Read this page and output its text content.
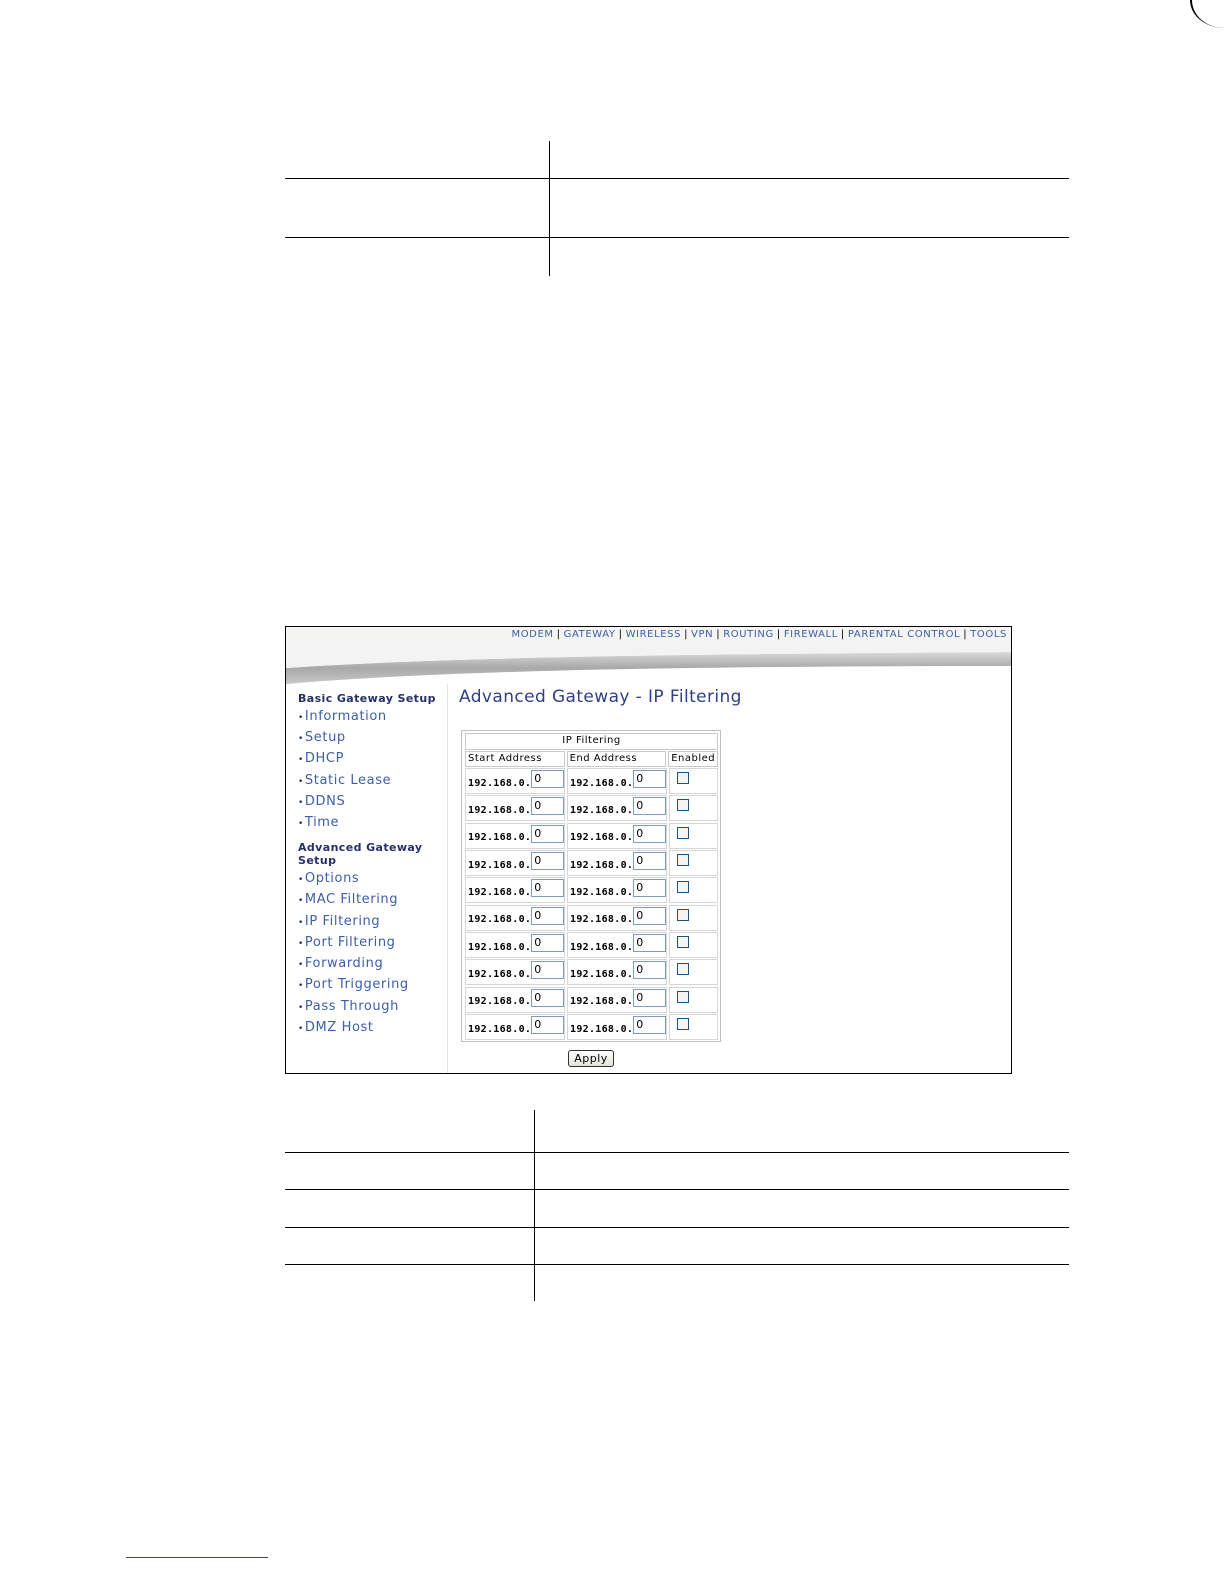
MODEM | GATEWAY | WIRELESS | VPN | ROUTING | FIREWALL | PARENTAL CONTROL | TOOLS
Basic Gateway Setup
•Information
•Setup
•DHCP
•Static Lease
•DDNS
•Time
Advanced Gateway
Setup
•Options
•MAC Filtering
•IP Filtering
•Port Filtering
•Forwarding
•Port Triggering
•Pass Through
•DMZ Host
Advanced Gateway - IP Filtering
IP Filtering
Start Address	End Address	Enabled
192.168.0. 0	192.168.0. 0
192.168.0. 0	192.168.0. 0
192.168.0. 0	192.168.0. 0
192.168.0. 0	192.168.0. 0
192.168.0. 0	192.168.0. 0
192.168.0. 0	192.168.0. 0
192.168.0. 0	192.168.0. 0
192.168.0. 0	192.168.0. 0
192.168.0. 0	192.168.0. 0
192.168.0. 0	192.168.0. 0
Apply
